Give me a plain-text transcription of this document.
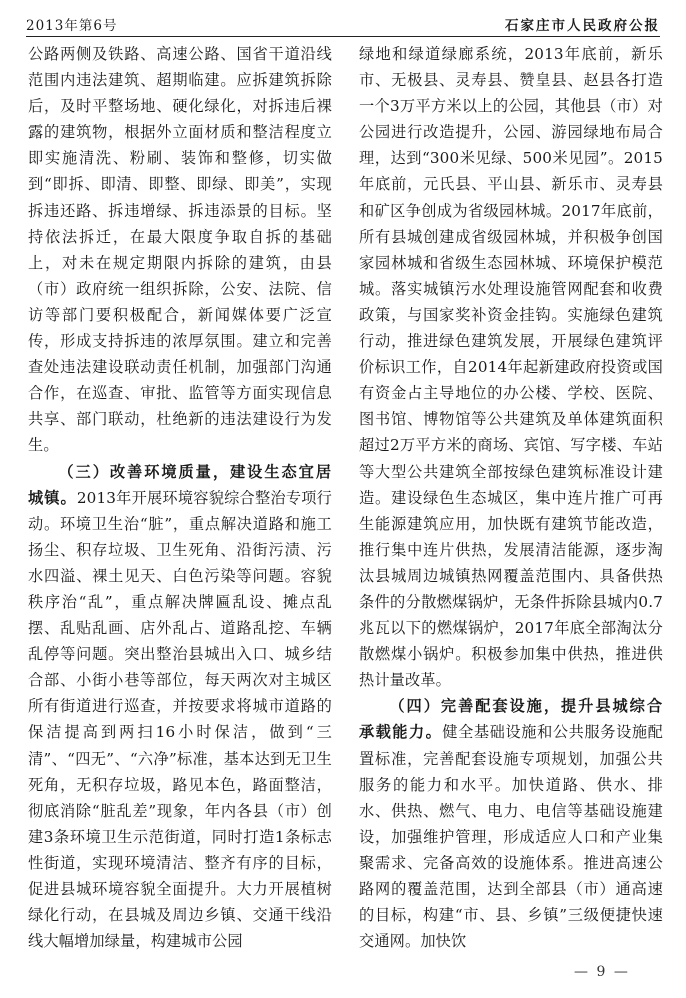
2013年第6号	石家庄市人民政府公报

公路两侧及铁路、高速公路、国省干道沿线范围内违法建筑、超期临建。应拆建筑拆除后，及时平整场地、硬化绿化，对拆违后裸露的建筑物，根据外立面材质和整洁程度立即实施清洗、粉刷、装饰和整修，切实做到“即拆、即清、即整、即绿、即美”，实现拆违还路、拆违增绿、拆违添景的目标。坚持依法拆迁，在最大限度争取自拆的基础上，对未在规定期限内拆除的建筑，由县（市）政府统一组织拆除，公安、法院、信访等部门要积极配合，新闻媒体要广泛宣传，形成支持拆违的浓厚氛围。建立和完善查处违法建设联动责任机制，加强部门沟通合作，在巡查、审批、监管等方面实现信息共享、部门联动，杜绝新的违法建设行为发生。

（三）改善环境质量，建设生态宜居城镇。2013年开展环境容貌综合整治专项行动。环境卫生治“脏”，重点解决道路和施工扬尘、积存垃圾、卫生死角、沿街污渍、污水四溢、裸土见天、白色污染等问题。容貌秩序治“乱”，重点解决牌匾乱设、摊点乱摆、乱贴乱画、店外乱占、道路乱挖、车辆乱停等问题。突出整治县城出入口、城乡结合部、小街小巷等部位，每天两次对主城区所有街道进行巡查，并按要求将城市道路的保洁提高到两扫16小时保洁，做到“三清”、“四无”、“六净”标准，基本达到无卫生死角，无积存垃圾，路见本色，路面整洁，彻底消除“脏乱差”现象，年内各县（市）创建3条环境卫生示范街道，同时打造1条标志性街道，实现环境清洁、整齐有序的目标，促进县城环境容貌全面提升。大力开展植树绿化行动，在县城及周边乡镇、交通干线沿线大幅增加绿量，构建城市公园

绿地和绿道绿廊系统，2013年底前，新乐市、无极县、灵寿县、赞皇县、赵县各打造一个3万平方米以上的公园，其他县（市）对公园进行改造提升，公园、游园绿地布局合理，达到“300米见绿、500米见园”。2015年底前，元氏县、平山县、新乐市、灵寿县和矿区争创成为省级园林城。2017年底前，所有县城创建成省级园林城，并积极争创国家园林城和省级生态园林城、环境保护模范城。落实城镇污水处理设施管网配套和收费政策，与国家奖补资金挂钩。实施绿色建筑行动，推进绿色建筑发展，开展绿色建筑评价标识工作，自2014年起新建政府投资或国有资金占主导地位的办公楼、学校、医院、图书馆、博物馆等公共建筑及单体建筑面积超过2万平方米的商场、宾馆、写字楼、车站等大型公共建筑全部按绿色建筑标准设计建造。建设绿色生态城区，集中连片推广可再生能源建筑应用，加快既有建筑节能改造，推行集中连片供热，发展清洁能源，逐步淘汰县城周边城镇热网覆盖范围内、具备供热条件的分散燃煤锅炉，无条件拆除县城内0.7兆瓦以下的燃煤锅炉，2017年底全部淘汰分散燃煤小锅炉。积极参加集中供热，推进供热计量改革。

（四）完善配套设施，提升县城综合承载能力。健全基础设施和公共服务设施配置标准，完善配套设施专项规划，加强公共服务的能力和水平。加快道路、供水、排水、供热、燃气、电力、电信等基础设施建设，加强维护管理，形成适应人口和产业集聚需求、完备高效的设施体系。推进高速公路网的覆盖范围，达到全部县（市）通高速的目标，构建“市、县、乡镇”三级便捷快速交通网。加快饮

— 9 —
